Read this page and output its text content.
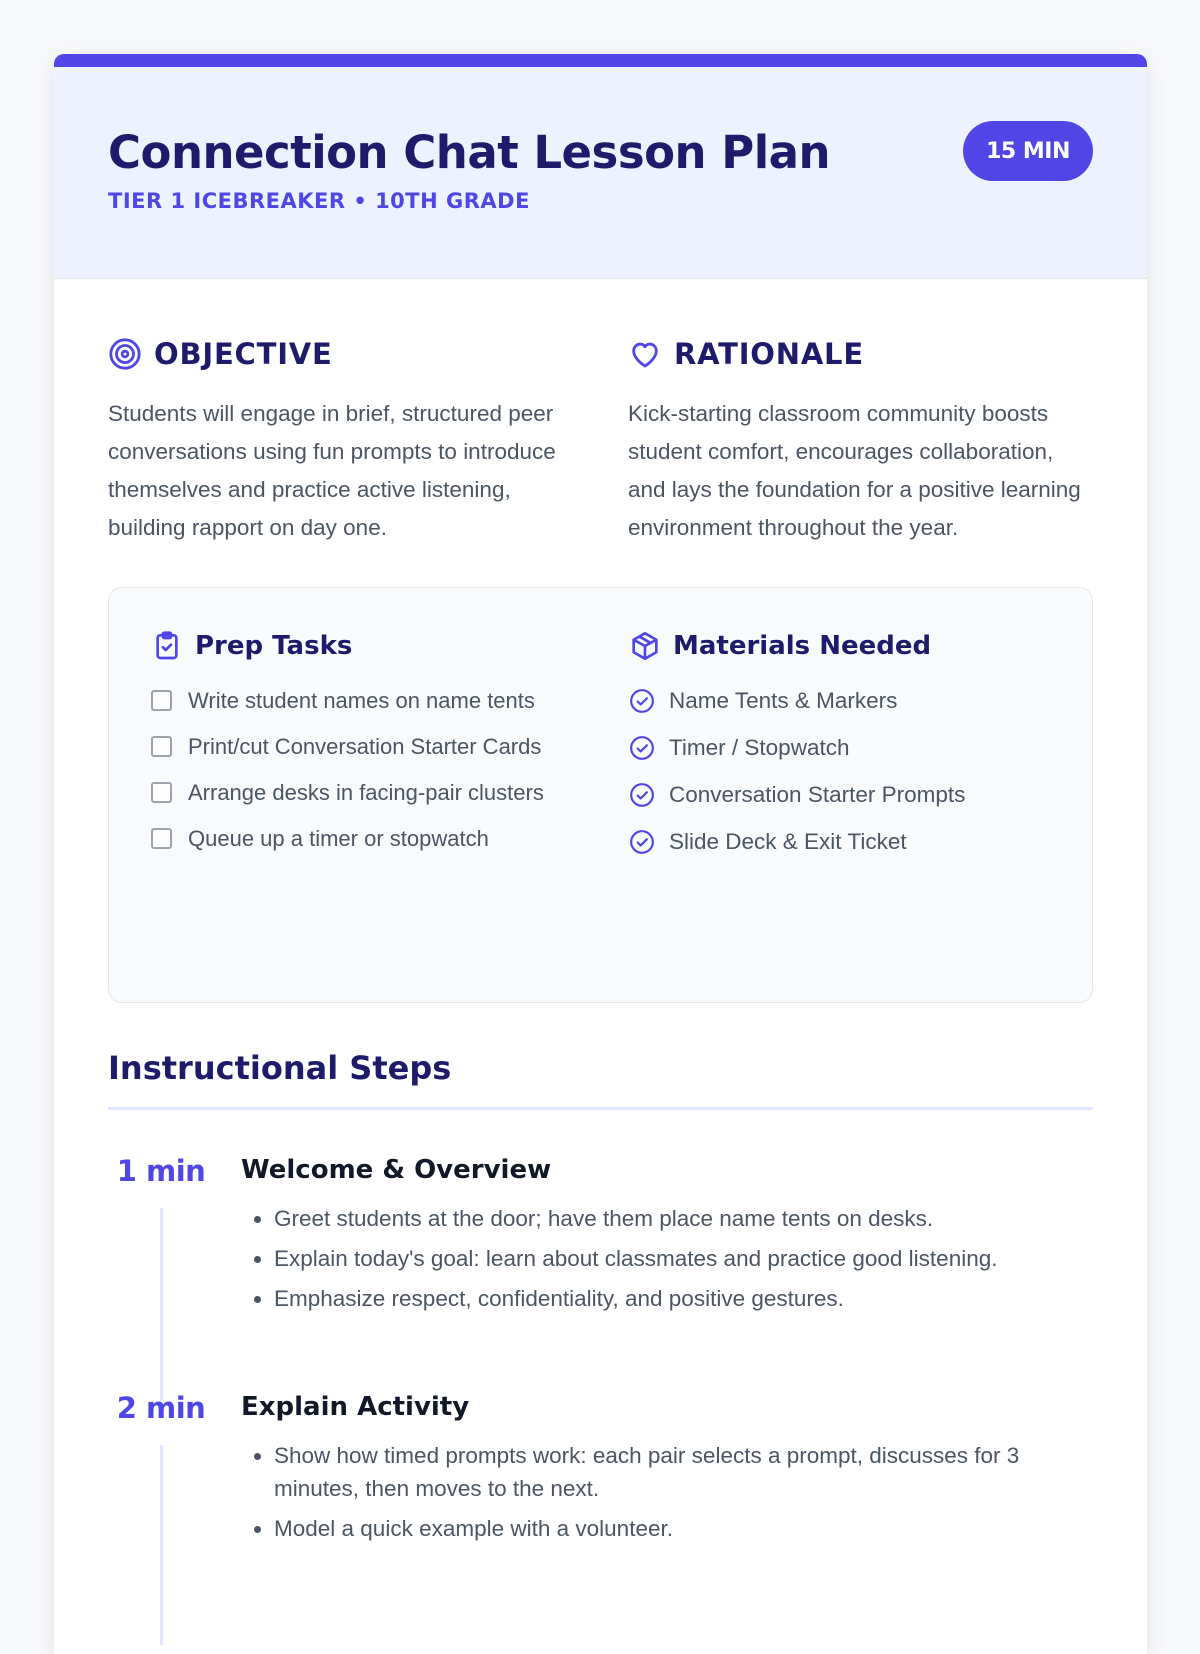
Connection Chat Lesson Plan
TIER 1 ICEBREAKER • 10TH GRADE
15 MIN
OBJECTIVE

Students will engage in brief, structured peer conversations using fun prompts to introduce themselves and practice active listening, building rapport on day one.

RATIONALE

Kick-starting classroom community boosts student comfort, encourages collaboration, and lays the foundation for a positive learning environment throughout the year.

Prep Tasks
Write student names on name tents
Print/cut Conversation Starter Cards
Arrange desks in facing-pair clusters
Queue up a timer or stopwatch
Materials Needed
Name Tents & Markers
Timer / Stopwatch
Conversation Starter Prompts
Slide Deck & Exit Ticket
Instructional Steps
1 min	Welcome & Overview
• Greet students at the door; have them place name tents on desks.
• Explain today's goal: learn about classmates and practice good listening.
• Emphasize respect, confidentiality, and positive gestures.
2 min	Explain Activity
• Show how timed prompts work: each pair selects a prompt, discusses for 3 minutes, then moves to the next.
• Model a quick example with a volunteer.
